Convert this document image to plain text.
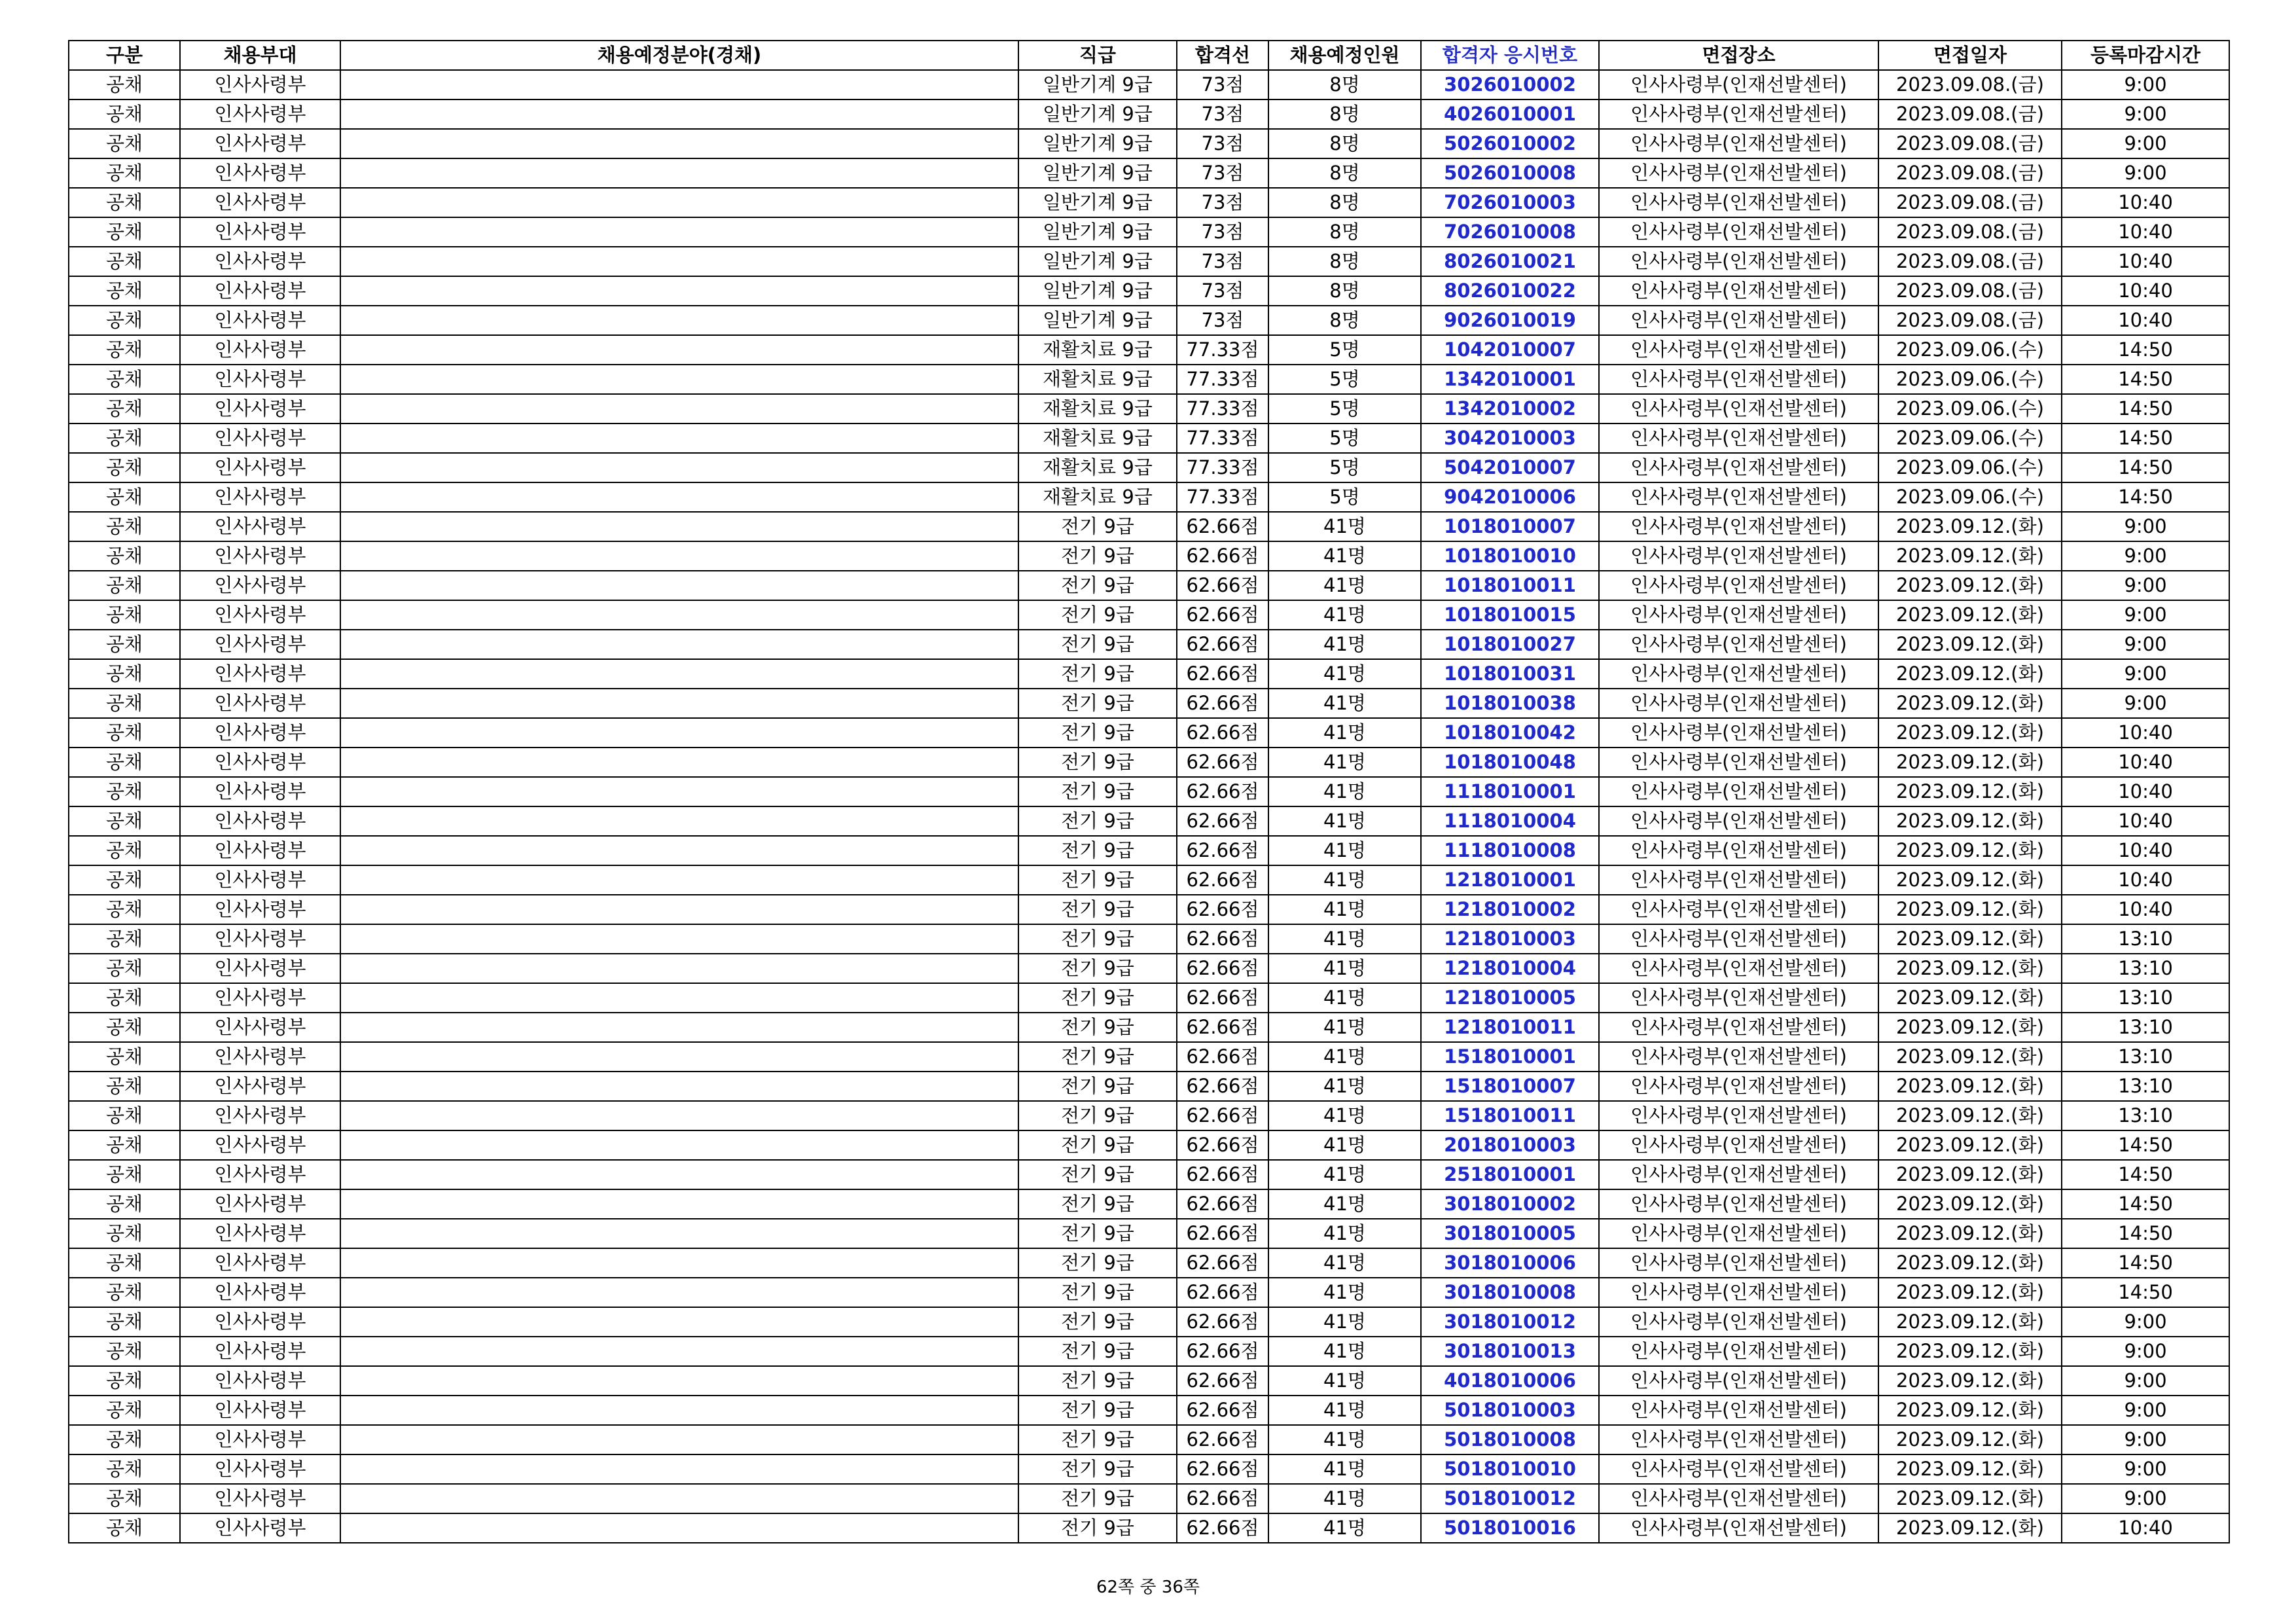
구분	채용부대	채용예정분야(경채)	직급	합격선	채용예정인원	합격자 응시번호	면접장소	면접일자	등록마감시간
공채	인사사령부		일반기계 9급	73점	8명	3026010002	인사사령부(인재선발센터)	2023.09.08.(금)	9:00
공채	인사사령부		일반기계 9급	73점	8명	4026010001	인사사령부(인재선발센터)	2023.09.08.(금)	9:00
공채	인사사령부		일반기계 9급	73점	8명	5026010002	인사사령부(인재선발센터)	2023.09.08.(금)	9:00
공채	인사사령부		일반기계 9급	73점	8명	5026010008	인사사령부(인재선발센터)	2023.09.08.(금)	9:00
공채	인사사령부		일반기계 9급	73점	8명	7026010003	인사사령부(인재선발센터)	2023.09.08.(금)	10:40
공채	인사사령부		일반기계 9급	73점	8명	7026010008	인사사령부(인재선발센터)	2023.09.08.(금)	10:40
공채	인사사령부		일반기계 9급	73점	8명	8026010021	인사사령부(인재선발센터)	2023.09.08.(금)	10:40
공채	인사사령부		일반기계 9급	73점	8명	8026010022	인사사령부(인재선발센터)	2023.09.08.(금)	10:40
공채	인사사령부		일반기계 9급	73점	8명	9026010019	인사사령부(인재선발센터)	2023.09.08.(금)	10:40
공채	인사사령부		재활치료 9급	77.33점	5명	1042010007	인사사령부(인재선발센터)	2023.09.06.(수)	14:50
공채	인사사령부		재활치료 9급	77.33점	5명	1342010001	인사사령부(인재선발센터)	2023.09.06.(수)	14:50
공채	인사사령부		재활치료 9급	77.33점	5명	1342010002	인사사령부(인재선발센터)	2023.09.06.(수)	14:50
공채	인사사령부		재활치료 9급	77.33점	5명	3042010003	인사사령부(인재선발센터)	2023.09.06.(수)	14:50
공채	인사사령부		재활치료 9급	77.33점	5명	5042010007	인사사령부(인재선발센터)	2023.09.06.(수)	14:50
공채	인사사령부		재활치료 9급	77.33점	5명	9042010006	인사사령부(인재선발센터)	2023.09.06.(수)	14:50
공채	인사사령부		전기 9급	62.66점	41명	1018010007	인사사령부(인재선발센터)	2023.09.12.(화)	9:00
공채	인사사령부		전기 9급	62.66점	41명	1018010010	인사사령부(인재선발센터)	2023.09.12.(화)	9:00
공채	인사사령부		전기 9급	62.66점	41명	1018010011	인사사령부(인재선발센터)	2023.09.12.(화)	9:00
공채	인사사령부		전기 9급	62.66점	41명	1018010015	인사사령부(인재선발센터)	2023.09.12.(화)	9:00
공채	인사사령부		전기 9급	62.66점	41명	1018010027	인사사령부(인재선발센터)	2023.09.12.(화)	9:00
공채	인사사령부		전기 9급	62.66점	41명	1018010031	인사사령부(인재선발센터)	2023.09.12.(화)	9:00
공채	인사사령부		전기 9급	62.66점	41명	1018010038	인사사령부(인재선발센터)	2023.09.12.(화)	9:00
공채	인사사령부		전기 9급	62.66점	41명	1018010042	인사사령부(인재선발센터)	2023.09.12.(화)	10:40
공채	인사사령부		전기 9급	62.66점	41명	1018010048	인사사령부(인재선발센터)	2023.09.12.(화)	10:40
공채	인사사령부		전기 9급	62.66점	41명	1118010001	인사사령부(인재선발센터)	2023.09.12.(화)	10:40
공채	인사사령부		전기 9급	62.66점	41명	1118010004	인사사령부(인재선발센터)	2023.09.12.(화)	10:40
공채	인사사령부		전기 9급	62.66점	41명	1118010008	인사사령부(인재선발센터)	2023.09.12.(화)	10:40
공채	인사사령부		전기 9급	62.66점	41명	1218010001	인사사령부(인재선발센터)	2023.09.12.(화)	10:40
공채	인사사령부		전기 9급	62.66점	41명	1218010002	인사사령부(인재선발센터)	2023.09.12.(화)	10:40
공채	인사사령부		전기 9급	62.66점	41명	1218010003	인사사령부(인재선발센터)	2023.09.12.(화)	13:10
공채	인사사령부		전기 9급	62.66점	41명	1218010004	인사사령부(인재선발센터)	2023.09.12.(화)	13:10
공채	인사사령부		전기 9급	62.66점	41명	1218010005	인사사령부(인재선발센터)	2023.09.12.(화)	13:10
공채	인사사령부		전기 9급	62.66점	41명	1218010011	인사사령부(인재선발센터)	2023.09.12.(화)	13:10
공채	인사사령부		전기 9급	62.66점	41명	1518010001	인사사령부(인재선발센터)	2023.09.12.(화)	13:10
공채	인사사령부		전기 9급	62.66점	41명	1518010007	인사사령부(인재선발센터)	2023.09.12.(화)	13:10
공채	인사사령부		전기 9급	62.66점	41명	1518010011	인사사령부(인재선발센터)	2023.09.12.(화)	13:10
공채	인사사령부		전기 9급	62.66점	41명	2018010003	인사사령부(인재선발센터)	2023.09.12.(화)	14:50
공채	인사사령부		전기 9급	62.66점	41명	2518010001	인사사령부(인재선발센터)	2023.09.12.(화)	14:50
공채	인사사령부		전기 9급	62.66점	41명	3018010002	인사사령부(인재선발센터)	2023.09.12.(화)	14:50
공채	인사사령부		전기 9급	62.66점	41명	3018010005	인사사령부(인재선발센터)	2023.09.12.(화)	14:50
공채	인사사령부		전기 9급	62.66점	41명	3018010006	인사사령부(인재선발센터)	2023.09.12.(화)	14:50
공채	인사사령부		전기 9급	62.66점	41명	3018010008	인사사령부(인재선발센터)	2023.09.12.(화)	14:50
공채	인사사령부		전기 9급	62.66점	41명	3018010012	인사사령부(인재선발센터)	2023.09.12.(화)	9:00
공채	인사사령부		전기 9급	62.66점	41명	3018010013	인사사령부(인재선발센터)	2023.09.12.(화)	9:00
공채	인사사령부		전기 9급	62.66점	41명	4018010006	인사사령부(인재선발센터)	2023.09.12.(화)	9:00
공채	인사사령부		전기 9급	62.66점	41명	5018010003	인사사령부(인재선발센터)	2023.09.12.(화)	9:00
공채	인사사령부		전기 9급	62.66점	41명	5018010008	인사사령부(인재선발센터)	2023.09.12.(화)	9:00
공채	인사사령부		전기 9급	62.66점	41명	5018010010	인사사령부(인재선발센터)	2023.09.12.(화)	9:00
공채	인사사령부		전기 9급	62.66점	41명	5018010012	인사사령부(인재선발센터)	2023.09.12.(화)	9:00
공채	인사사령부		전기 9급	62.66점	41명	5018010016	인사사령부(인재선발센터)	2023.09.12.(화)	10:40
62쪽 중 36쪽
